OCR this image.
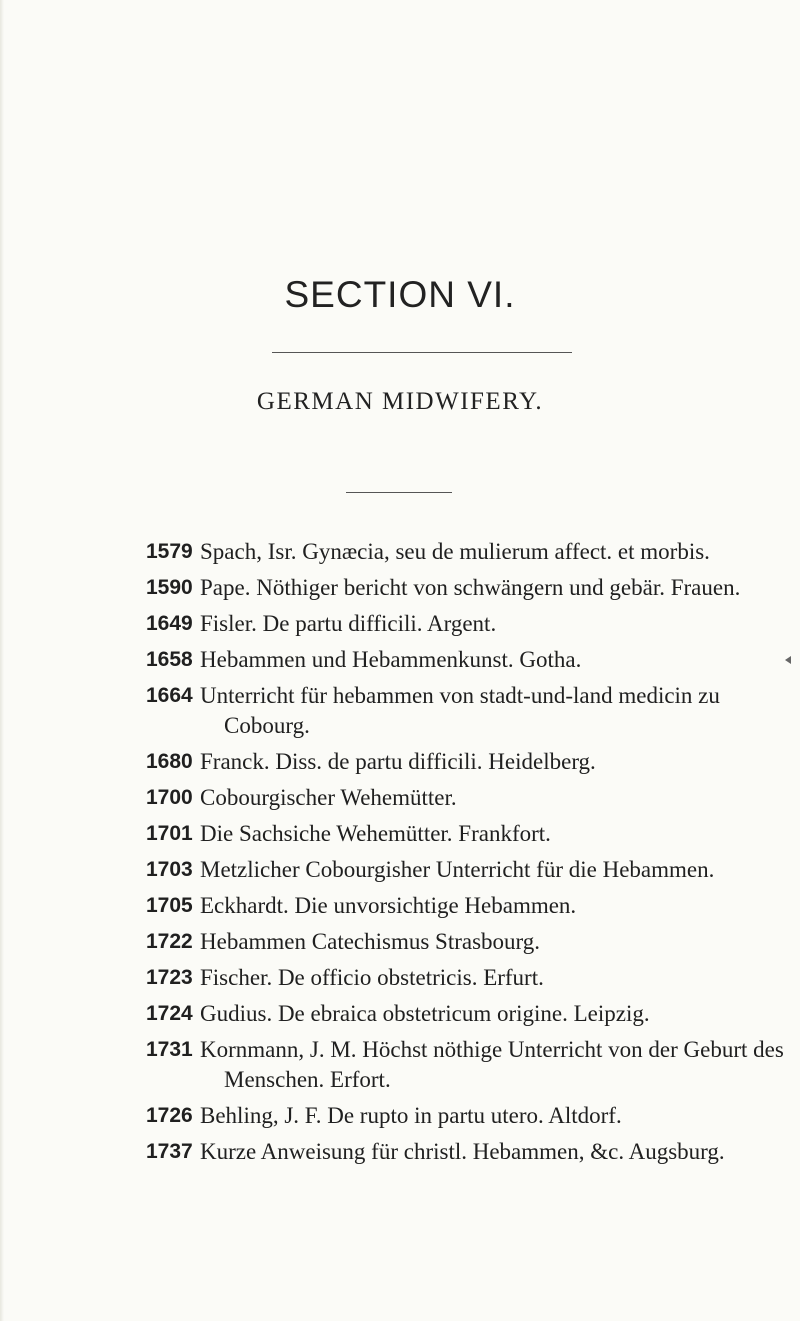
SECTION VI.
GERMAN MIDWIFERY.
1579 Spach, Isr. Gynæcia, seu de mulierum affect. et morbis.
1590 Pape. Nöthiger bericht von schwängern und gebär. Frauen.
1649 Fisler. De partu difficili. Argent.
1658 Hebammen und Hebammenkunst. Gotha.
1664 Unterricht für hebammen von stadt-und-land medicin zu Cobourg.
1680 Franck. Diss. de partu difficili. Heidelberg.
1700 Cobourgischer Wehemütter.
1701 Die Sachsiche Wehemütter. Frankfort.
1703 Metzlicher Cobourgisher Unterricht für die Hebammen.
1705 Eckhardt. Die unvorsichtige Hebammen.
1722 Hebammen Catechismus Strasbourg.
1723 Fischer. De officio obstetricis. Erfurt.
1724 Gudius. De ebraica obstetricum origine. Leipzig.
1731 Kornmann, J. M. Höchst nöthige Unterricht von der Geburt des Menschen. Erfort.
1726 Behling, J. F. De rupto in partu utero. Altdorf.
1737 Kurze Anweisung für christl. Hebammen, &c. Augsburg.
